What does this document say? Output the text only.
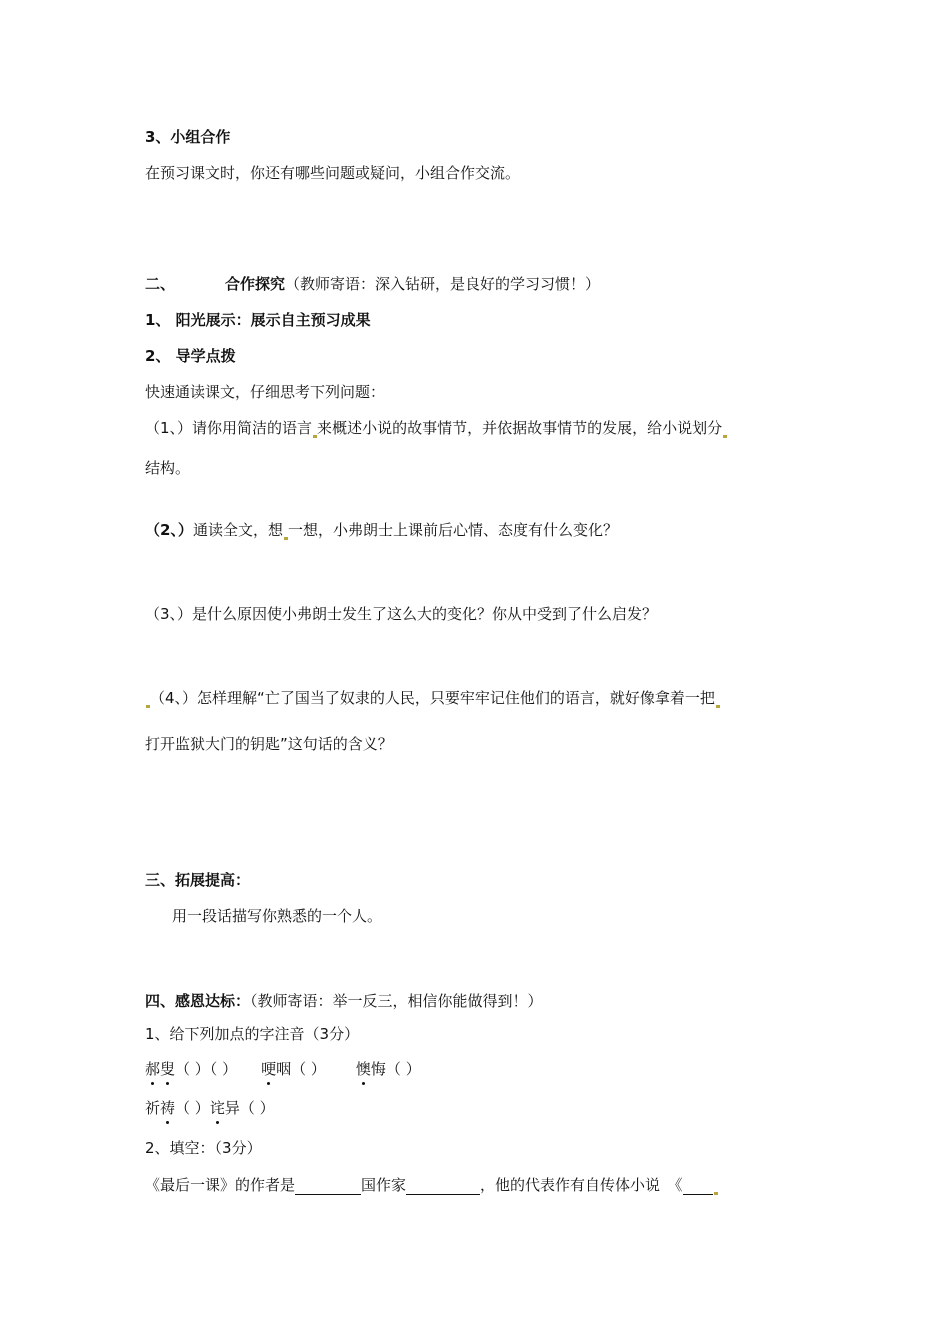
3、小组合作
在预习课文时，你还有哪些问题或疑问，小组合作交流。
二、	合作探究（教师寄语：深入钻研，是良好的学习习惯！）
1、 阳光展示：展示自主预习成果
2、 导学点拨
快速通读课文，仔细思考下列问题：
（1、）请你用简洁的语言 来概述小说的故事情节，并依据故事情节的发展，给小说划分
结构。
（2、）通读全文，想 一想，小弗朗士上课前后心情、态度有什么变化？
（3、）是什么原因使小弗朗士发生了这么大的变化？你从中受到了什么启发？
（4、）怎样理解“亡了国当了奴隶的人民，只要牢牢记住他们的语言，就好像拿着一把
打开监狱大门的钥匙”这句话的含义？
三、拓展提高：
用一段话描写你熟悉的一个人。
四、感恩达标：（教师寄语：举一反三，相信你能做得到！）
1、给下列加点的字注音（3分）
郝叟（ ）（ ） 哽咽（ ） 懊悔（ ）
祈祷（ ）诧异（ ）
2、填空：（3分）
《最后一课》的作者是	国作家	，他的代表作有自传体小说　《
